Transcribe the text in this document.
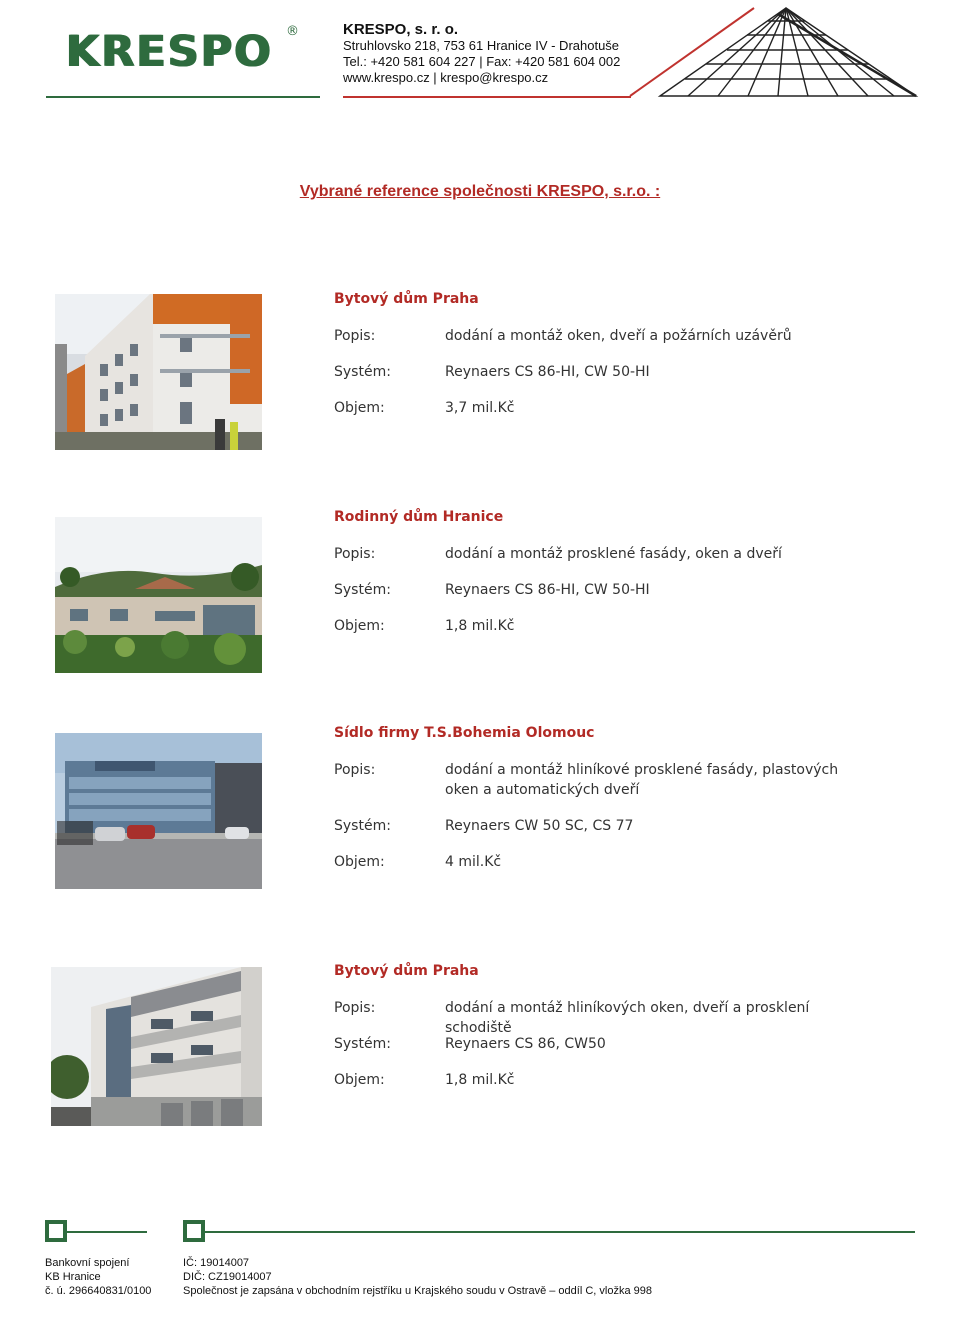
KRESPO	®	KRESPO, s. r. o.
Struhlovsko 218, 753 61 Hranice IV - Drahotuše
Tel.: +420 581 604 227 | Fax: +420 581 604 002
www.krespo.cz | krespo@krespo.cz
Vybrané reference společnosti KRESPO, s.r.o. :
Bytový dům Praha
Popis:	dodání a montáž oken, dveří a požárních uzávěrů
Systém:	Reynaers CS 86-HI, CW 50-HI
Objem:	3,7 mil.Kč
Rodinný dům Hranice
Popis:	dodání a montáž prosklené fasády, oken a dveří
Systém:	Reynaers CS 86-HI, CW 50-HI
Objem:	1,8 mil.Kč
Sídlo firmy T.S.Bohemia Olomouc
Popis:	dodání a montáž hliníkové prosklené fasády, plastových oken a automatických dveří
Systém:	Reynaers CW 50 SC, CS 77
Objem:	4 mil.Kč
Bytový dům Praha
Popis:	dodání a montáž hliníkových oken, dveří a prosklení schodiště
Systém:	Reynaers CS 86, CW50
Objem:	1,8 mil.Kč
Bankovní spojení
KB Hranice
č. ú. 296640831/0100
IČ: 19014007
DIČ: CZ19014007
Společnost je zapsána v obchodním rejstříku u Krajského soudu v Ostravě – oddíl C, vložka 998
